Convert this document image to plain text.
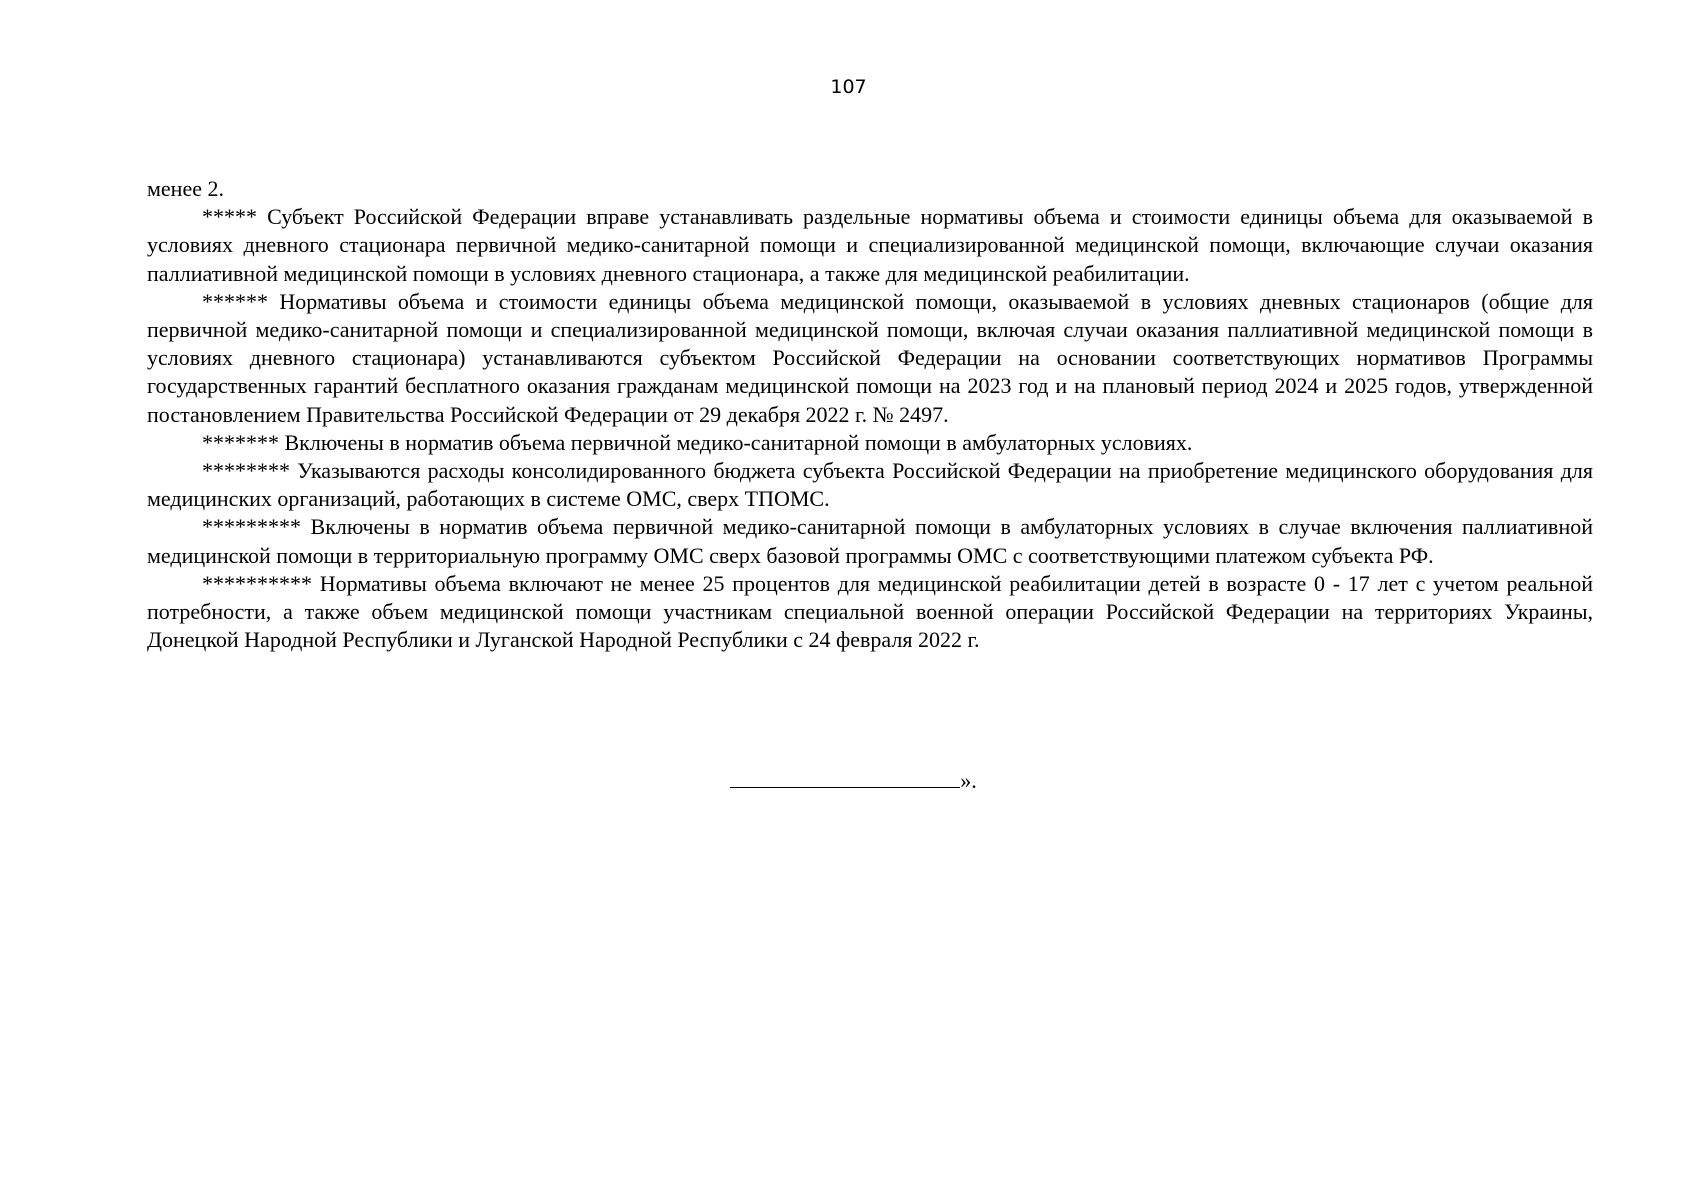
107

менее 2.

***** Субъект Российской Федерации вправе устанавливать раздельные нормативы объема и стоимости единицы объема для оказываемой в условиях дневного стационара первичной медико-санитарной помощи и специализированной медицинской помощи, включающие случаи оказания паллиативной медицинской помощи в условиях дневного стационара, а также для медицинской реабилитации.

****** Нормативы объема и стоимости единицы объема медицинской помощи, оказываемой в условиях дневных стационаров (общие для первичной медико-санитарной помощи и специализированной медицинской помощи, включая случаи оказания паллиативной медицинской помощи в условиях дневного стационара) устанавливаются субъектом Российской Федерации на основании соответствующих нормативов Программы государственных гарантий бесплатного оказания гражданам медицинской помощи на 2023 год и на плановый период 2024 и 2025 годов, утвержденной постановлением Правительства Российской Федерации от 29 декабря 2022 г. № 2497.

******* Включены в норматив объема первичной медико-санитарной помощи в амбулаторных условиях.

******** Указываются расходы консолидированного бюджета субъекта Российской Федерации на приобретение медицинского оборудования для медицинских организаций, работающих в системе ОМС, сверх ТПОМС.

********* Включены в норматив объема первичной медико-санитарной помощи в амбулаторных условиях в случае включения паллиативной медицинской помощи в территориальную программу ОМС сверх базовой программы ОМС с соответствующими платежом субъекта РФ.

********** Нормативы объема включают не менее 25 процентов для медицинской реабилитации детей в возрасте 0 - 17 лет с учетом реальной потребности, а также объем медицинской помощи участникам специальной военной операции Российской Федерации на территориях Украины, Донецкой Народной Республики и Луганской Народной Республики с 24 февраля 2022 г.

».
